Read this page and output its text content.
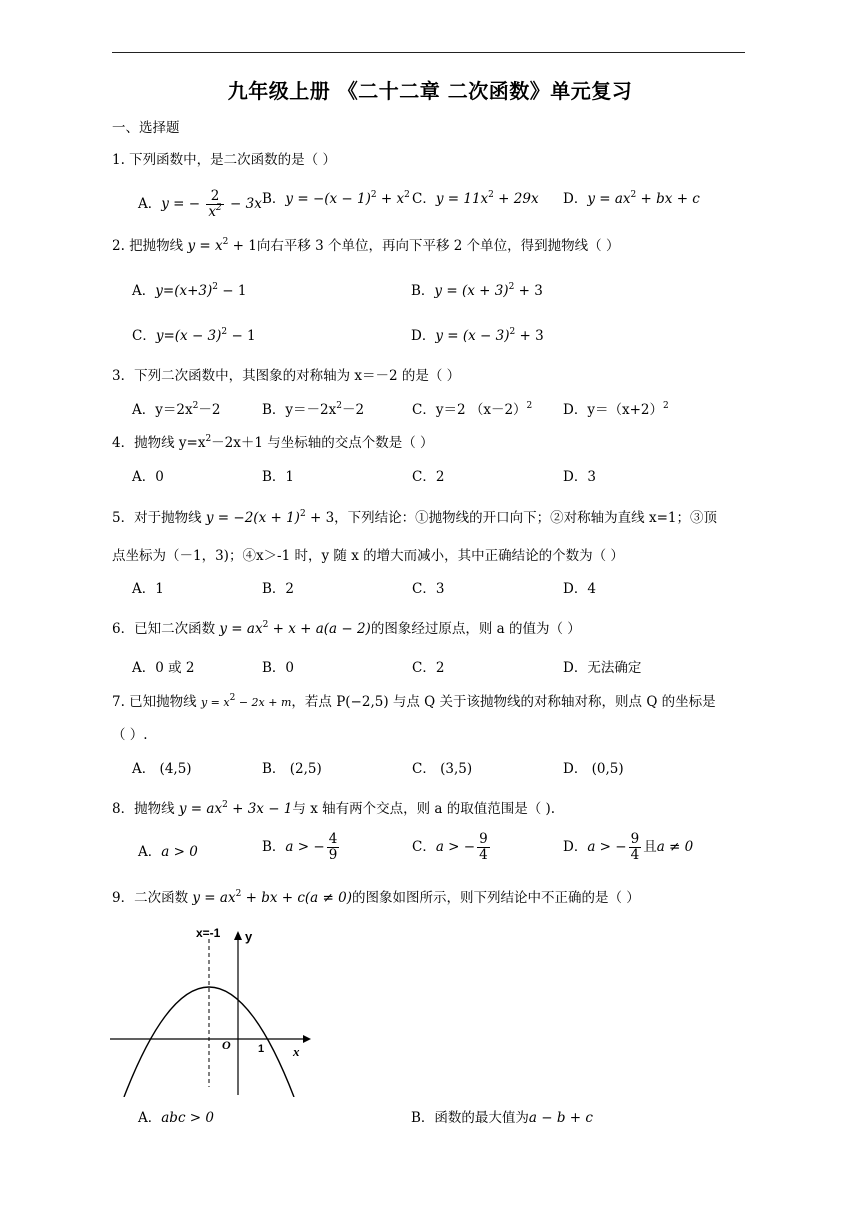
九年级上册 《二十二章 二次函数》单元复习
一、选择题
1. 下列函数中，是二次函数的是（ ）
A．y = − $\frac{2}{x^2} - 3x$ B．$y = -(x - 1)^2 + x^2$ C．$y = 11x^2 + 29x$ D．$y = ax^2$ + bx + c
2. 把抛物线 $y = x^2 + 1$向右平移 3 个单位，再向下平移 2 个单位，得到抛物线（ ）
A．$y=(x+3)^2 - 1$	B．$y = (x + 3)^2 + 3$
C．$y=(x - 3)^2 - 1$	D．$y = (x - 3)^2 + 3$
3．下列二次函数中，其图象的对称轴为 x＝－2 的是（ ）
A．$y=2x^2-2$	B．$y=-2x^2-2$	C．y＝2 $(x-2)^2$ D．$y=(x+2)^2$
4．抛物线 $y=x^2-2x+1$ 与坐标轴的交点个数是（ ）
A．0	B．1	C．2	D．3
5．对于抛物线 $y = -2(x + 1)^2 + 3$，下列结论：①抛物线的开口向下；②对称轴为直线 x=1；③顶
点坐标为（－1，3)；④x＞-1 时，y 随 x 的增大而减小，其中正确结论的个数为（ ）
A．1	B．2	C．3	D．4
6．已知二次函数 $y = ax^2 + x + a(a - 2)$的图象经过原点，则 a 的值为（ ）
A．0 或 2	B．0	C．2	D．无法确定
7. 已知抛物线 $y = x^2 - 2x + m$，若点 P(−2,5) 与点 Q 关于该抛物线的对称轴对称，则点 Q 的坐标是
（ ）.
A． (4,5)	B． (2,5)	C． (3,5)	D． (0,5)
8．抛物线 $y = ax^2 + 3x - 1$与 x 轴有两个交点，则 a 的取值范围是（ ).
A．a > 0	B．a > − $\frac{4}{9}$	C．a > − $\frac{9}{4}$	D．a > − $\frac{9}{4}$ 且a ≠ 0
9．二次函数 $y = ax^2$ + bx + c(a ≠ 0)的图象如图所示，则下列结论中不正确的是（ ）
x=-1 y
x
O 1
A．abc > 0	B．函数的最大值为a − b + c
